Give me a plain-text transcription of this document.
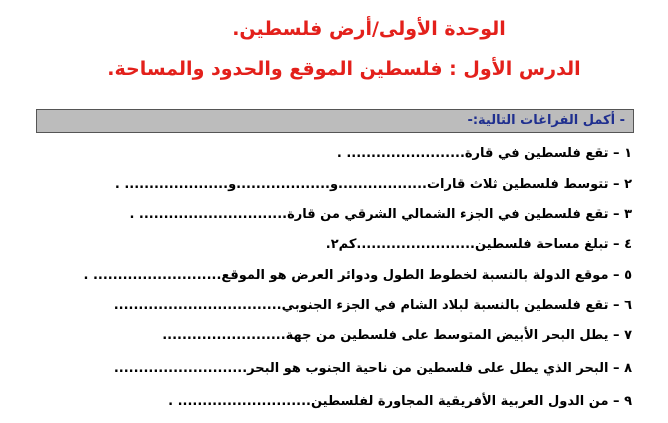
الوحدة الأولى/أرض فلسطين.
الدرس الأول : فلسطين الموقع والحدود والمساحة.
- أكمل الفراغات التالية:-
١ – تقع فلسطين في قارة........................ .
٢ – تتوسط فلسطين ثلاث قارات..................و...................و..................... .
٣ – تقع فلسطين في الجزء الشمالي الشرقي من قارة.............................. .
٤ – تبلغ مساحة فلسطين........................كم٢.
٥ – موقع الدولة بالنسبة لخطوط الطول ودوائر العرض هو الموقع.......................... .
٦ – تقع فلسطين بالنسبة لبلاد الشام في الجزء الجنوبي..................................
٧ – يطل البحر الأبيض المتوسط على فلسطين من جهة.........................
٨ – البحر الذي يطل على فلسطين من ناحية الجنوب هو البحر...........................
٩ – من الدول العربية الأفريقية المجاورة لفلسطين........................... .
